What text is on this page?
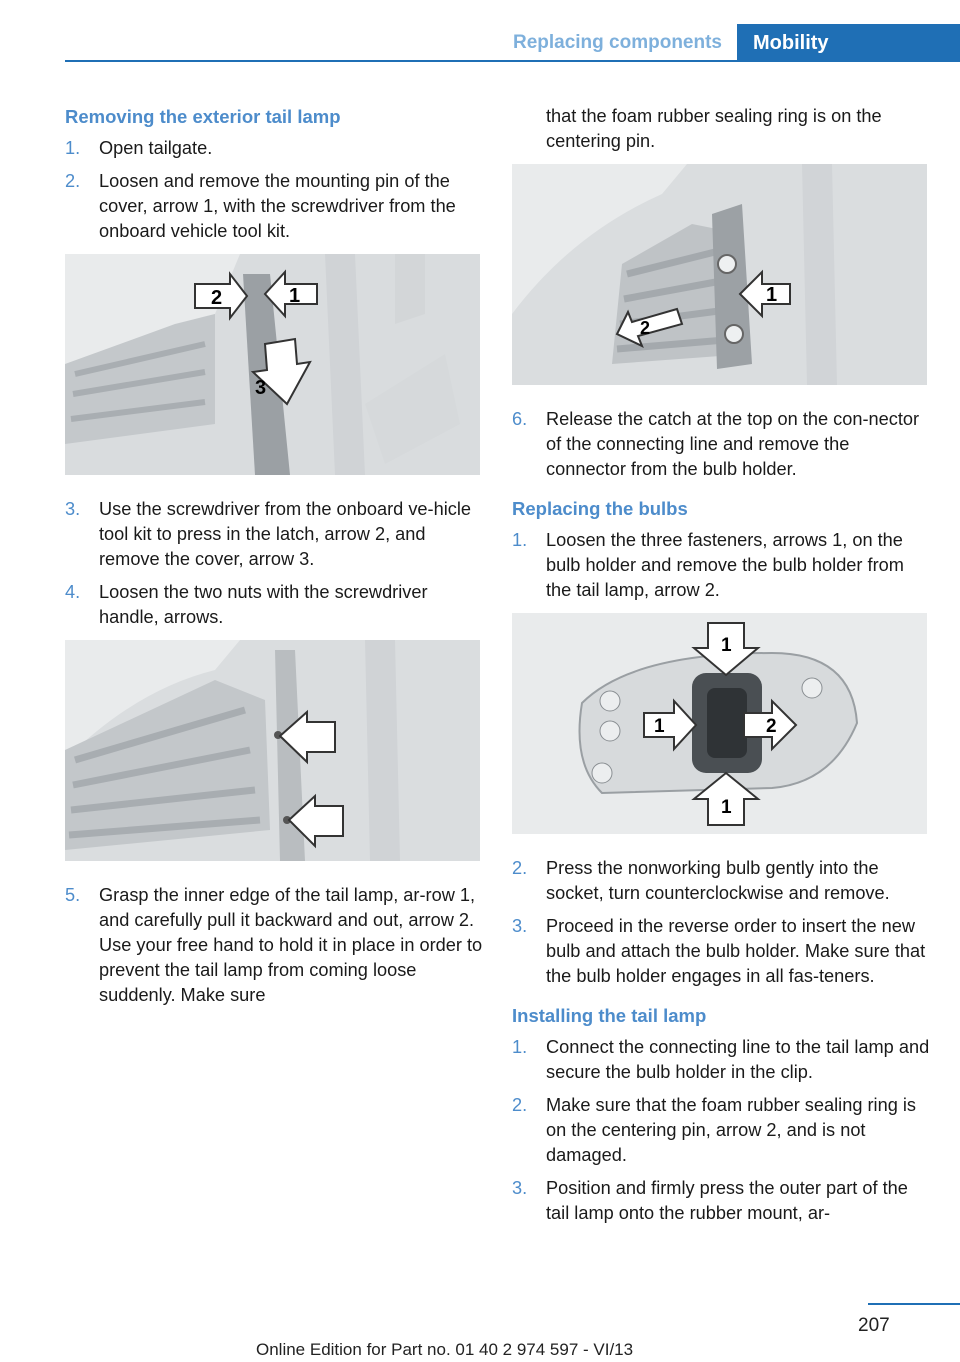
Replacing components	Mobility
Removing the exterior tail lamp
1. Open tailgate.
2. Loosen and remove the mounting pin of the cover, arrow 1, with the screwdriver from the onboard vehicle tool kit.
2	1
3
3. Use the screwdriver from the onboard ve‐hicle tool kit to press in the latch, arrow 2, and remove the cover, arrow 3.
4. Loosen the two nuts with the screwdriver handle, arrows.
5. Grasp the inner edge of the tail lamp, ar‐row 1, and carefully pull it backward and out, arrow 2. Use your free hand to hold it in place in order to prevent the tail lamp from coming loose suddenly. Make sure
that the foam rubber sealing ring is on the centering pin.
1
2
6. Release the catch at the top on the con‐nector of the connecting line and remove the connector from the bulb holder.
Replacing the bulbs
1. Loosen the three fasteners, arrows 1, on the bulb holder and remove the bulb holder from the tail lamp, arrow 2.
1
1
1
2
2. Press the nonworking bulb gently into the socket, turn counterclockwise and remove.
3. Proceed in the reverse order to insert the new bulb and attach the bulb holder. Make sure that the bulb holder engages in all fas‐teners.
Installing the tail lamp
1. Connect the connecting line to the tail lamp and secure the bulb holder in the clip.
2. Make sure that the foam rubber sealing ring is on the centering pin, arrow 2, and is not damaged.
3. Position and firmly press the outer part of the tail lamp onto the rubber mount, ar‐
207
Online Edition for Part no. 01 40 2 974 597 - VI/13
